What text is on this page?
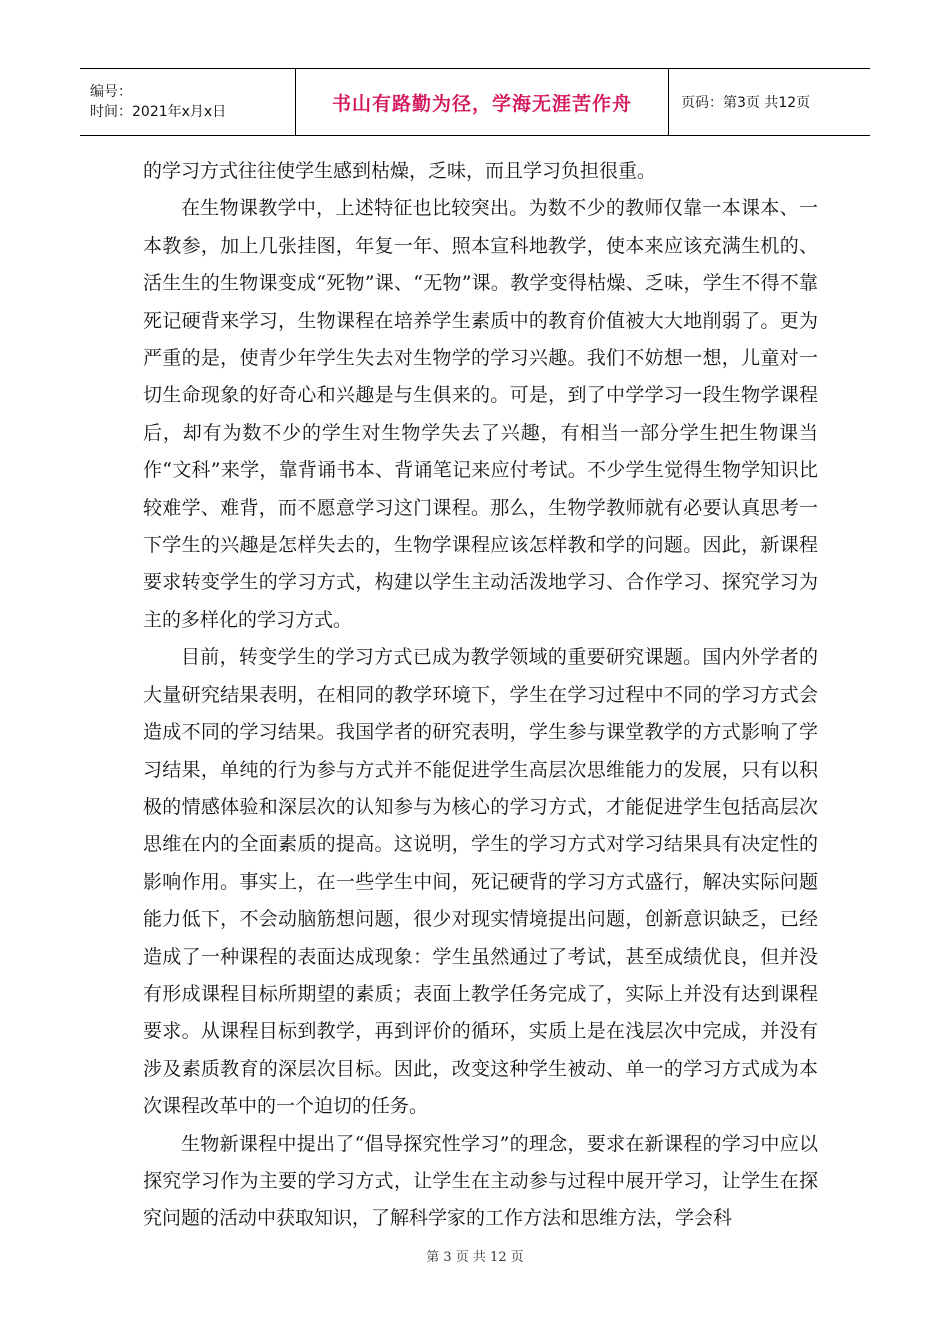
编号：
时间：2021年x月x日	书山有路勤为径，学海无涯苦作舟	页码：第3页 共12页

的学习方式往往使学生感到枯燥，乏味，而且学习负担很重。

在生物课教学中，上述特征也比较突出。为数不少的教师仅靠一本课本、一本教参，加上几张挂图，年复一年、照本宣科地教学，使本来应该充满生机的、活生生的生物课变成“死物”课、“无物”课。教学变得枯燥、乏味，学生不得不靠死记硬背来学习，生物课程在培养学生素质中的教育价值被大大地削弱了。更为严重的是，使青少年学生失去对生物学的学习兴趣。我们不妨想一想，儿童对一切生命现象的好奇心和兴趣是与生俱来的。可是，到了中学学习一段生物学课程后，却有为数不少的学生对生物学失去了兴趣，有相当一部分学生把生物课当作“文科”来学，靠背诵书本、背诵笔记来应付考试。不少学生觉得生物学知识比较难学、难背，而不愿意学习这门课程。那么，生物学教师就有必要认真思考一下学生的兴趣是怎样失去的，生物学课程应该怎样教和学的问题。因此，新课程要求转变学生的学习方式，构建以学生主动活泼地学习、合作学习、探究学习为主的多样化的学习方式。

目前，转变学生的学习方式已成为教学领域的重要研究课题。国内外学者的大量研究结果表明，在相同的教学环境下，学生在学习过程中不同的学习方式会造成不同的学习结果。我国学者的研究表明，学生参与课堂教学的方式影响了学习结果，单纯的行为参与方式并不能促进学生高层次思维能力的发展，只有以积极的情感体验和深层次的认知参与为核心的学习方式，才能促进学生包括高层次思维在内的全面素质的提高。这说明，学生的学习方式对学习结果具有决定性的影响作用。事实上，在一些学生中间，死记硬背的学习方式盛行，解决实际问题能力低下，不会动脑筋想问题，很少对现实情境提出问题，创新意识缺乏，已经造成了一种课程的表面达成现象：学生虽然通过了考试，甚至成绩优良，但并没有形成课程目标所期望的素质；表面上教学任务完成了，实际上并没有达到课程要求。从课程目标到教学，再到评价的循环，实质上是在浅层次中完成，并没有涉及素质教育的深层次目标。因此，改变这种学生被动、单一的学习方式成为本次课程改革中的一个迫切的任务。

生物新课程中提出了“倡导探究性学习”的理念，要求在新课程的学习中应以探究学习作为主要的学习方式，让学生在主动参与过程中展开学习，让学生在探究问题的活动中获取知识，了解科学家的工作方法和思维方法，学会科

第 3 页 共 12 页
